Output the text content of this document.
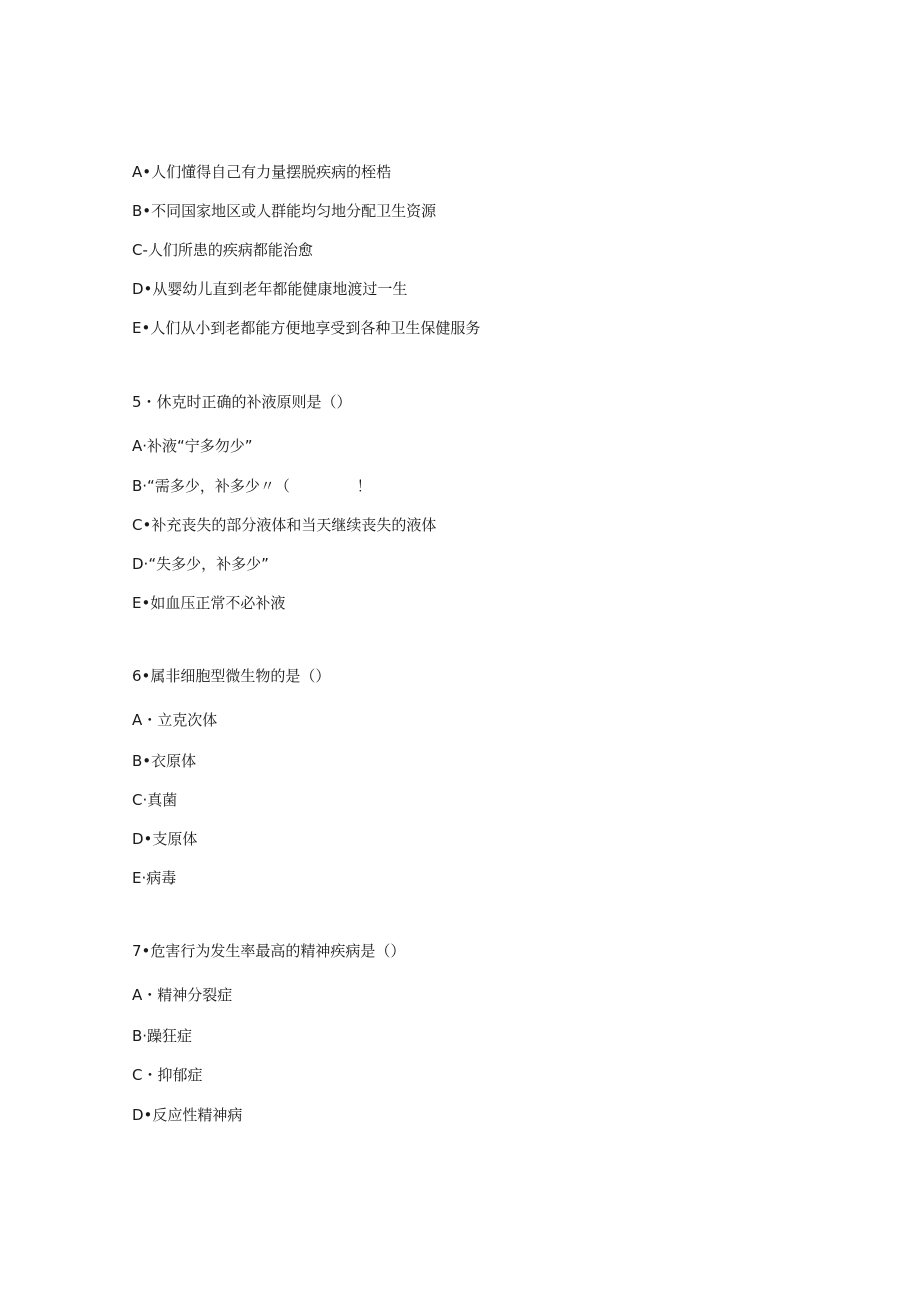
A•人们懂得自己有力量摆脱疾病的桎梏
B•不同国家地区或人群能均匀地分配卫生资源
C-人们所患的疾病都能治愈
D•从婴幼儿直到老年都能健康地渡过一生
E•人们从小到老都能方便地享受到各种卫生保健服务
5・休克时正确的补液原则是（）
A·补液“宁多勿少”
B·“需多少，补多少〃（              ！
C•补充丧失的部分液体和当天继续丧失的液体
D·“失多少，补多少”
E•如血压正常不必补液
6•属非细胞型微生物的是（）
A・立克次体
B•衣原体
C·真菌
D•支原体
E·病毒
7•危害行为发生率最高的精神疾病是（）
A・精神分裂症
B·躁狂症
C・抑郁症
D•反应性精神病
